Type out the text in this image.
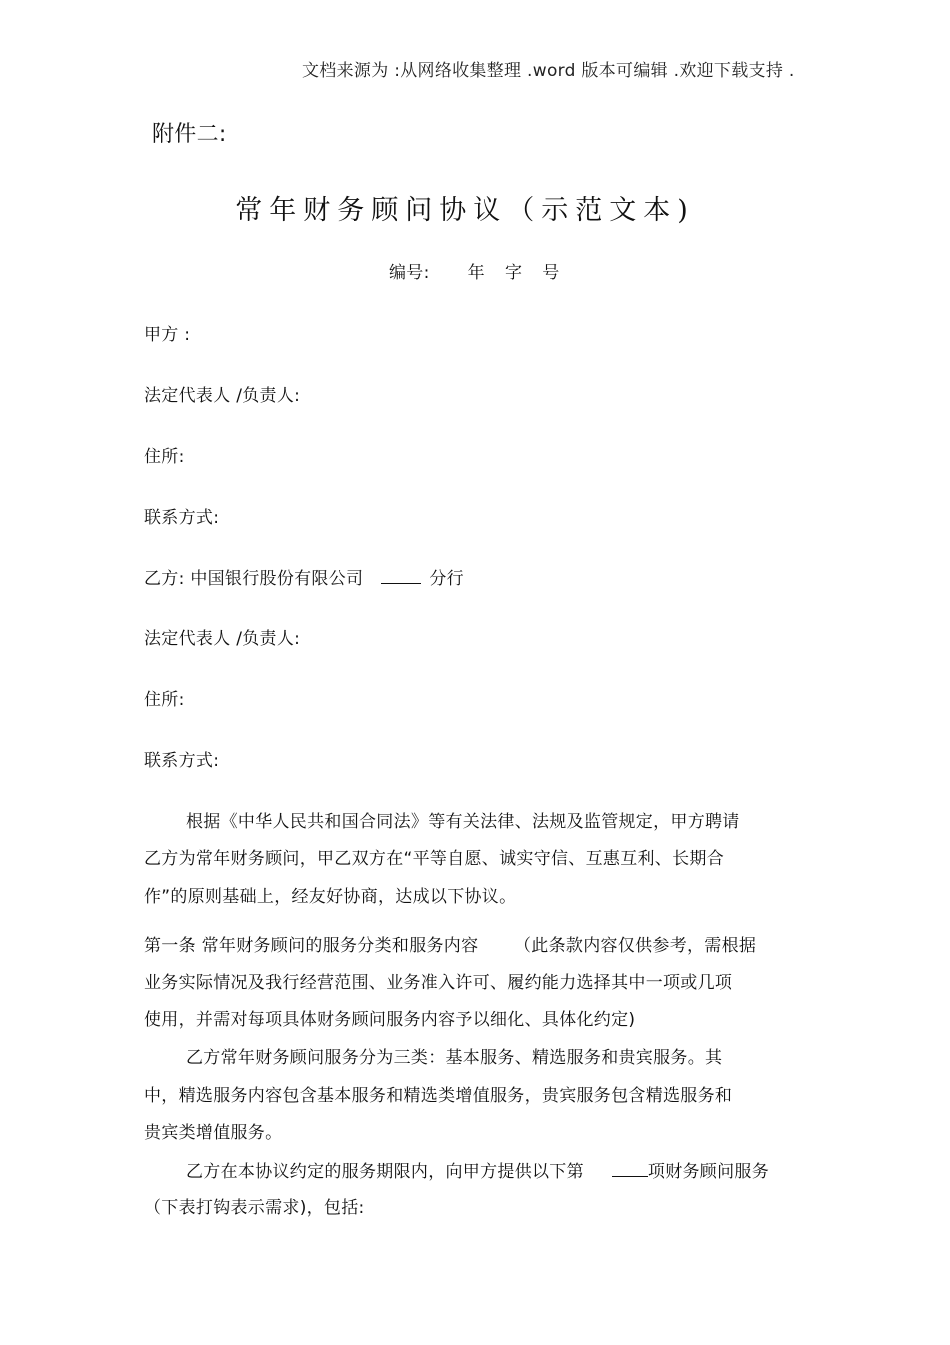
文档来源为 :从网络收集整理 .word 版本可编辑 .欢迎下载支持 .
附件二:
常年财务顾问协议（示范文本)
编号: 年 字 号
甲方 :
法定代表人 /负责人:
住所:
联系方式:
乙方: 中国银行股份有限公司	分行
法定代表人 /负责人:
住所:
联系方式:
根据《中华人民共和国合同法》等有关法律、法规及监管规定，甲方聘请
乙方为常年财务顾问，甲乙双方在“平等自愿、诚实守信、互惠互利、长期合
作”的原则基础上，经友好协商，达成以下协议。
第一条 常年财务顾问的服务分类和服务内容 （此条款内容仅供参考，需根据
业务实际情况及我行经营范围、业务准入许可、履约能力选择其中一项或几项
使用，并需对每项具体财务顾问服务内容予以细化、具体化约定)
乙方常年财务顾问服务分为三类：基本服务、精选服务和贵宾服务。其
中，精选服务内容包含基本服务和精选类增值服务，贵宾服务包含精选服务和
贵宾类增值服务。
乙方在本协议约定的服务期限内，向甲方提供以下第	项财务顾问服务
（下表打钩表示需求)，包括:
